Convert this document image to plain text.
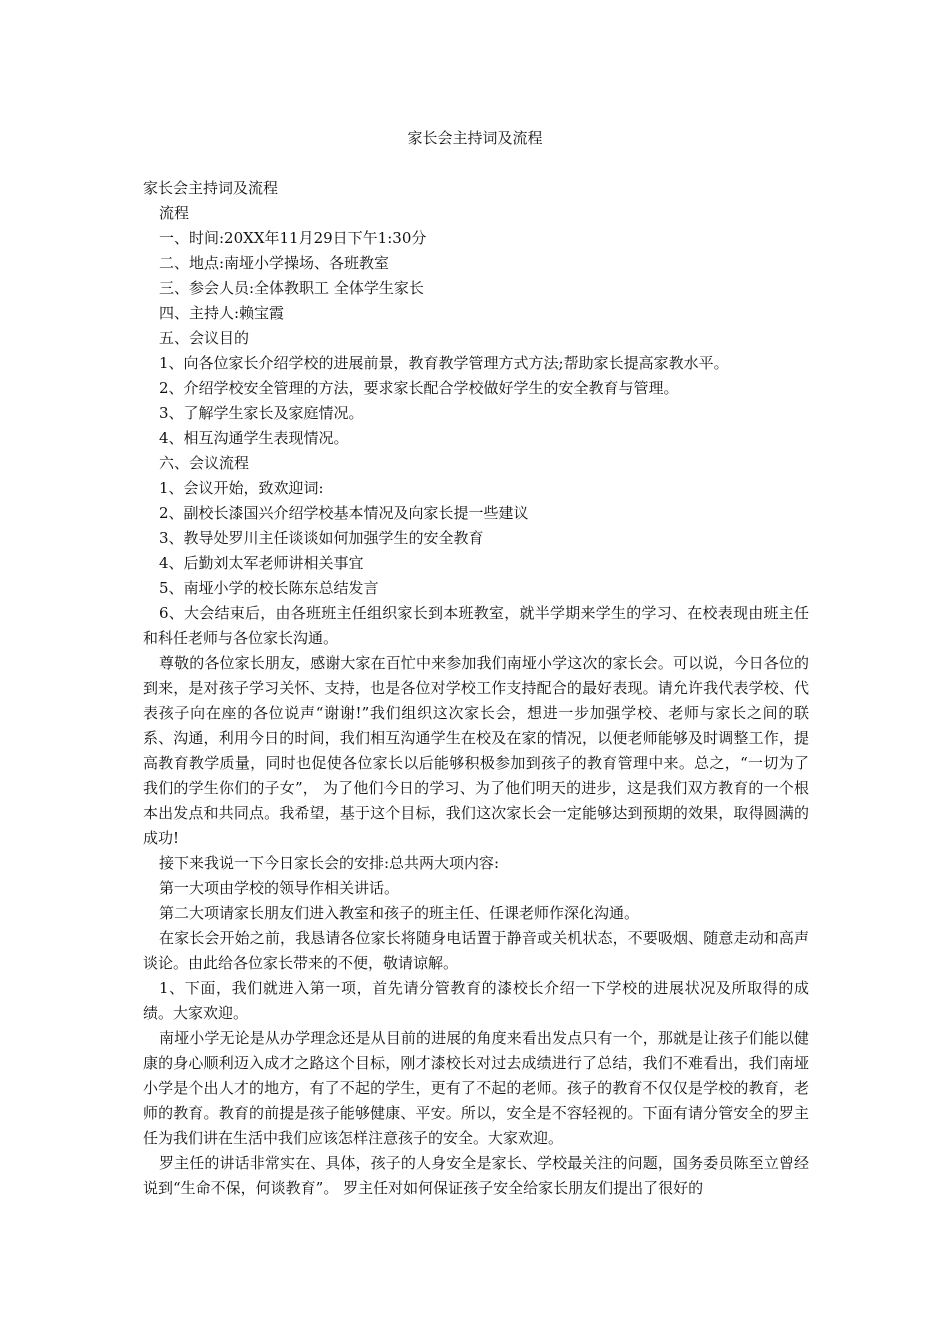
家长会主持词及流程

家长会主持词及流程

流程

一、时间:20XX年11月29日下午1:30分

二、地点:南垭小学操场、各班教室

三、参会人员:全体教职工 全体学生家长

四、主持人:赖宝霞

五、会议目的

1、向各位家长介绍学校的进展前景，教育教学管理方式方法;帮助家长提高家教水平。

2、介绍学校安全管理的方法，要求家长配合学校做好学生的安全教育与管理。

3、了解学生家长及家庭情况。

4、相互沟通学生表现情况。

六、会议流程

1、会议开始，致欢迎词:

2、副校长漆国兴介绍学校基本情况及向家长提一些建议

3、教导处罗川主任谈谈如何加强学生的安全教育

4、后勤刘太军老师讲相关事宜

5、南垭小学的校长陈东总结发言

6、大会结束后，由各班班主任组织家长到本班教室，就半学期来学生的学习、在校表现由班主任和科任老师与各位家长沟通。

尊敬的各位家长朋友，感谢大家在百忙中来参加我们南垭小学这次的家长会。可以说，今日各位的到来，是对孩子学习关怀、支持，也是各位对学校工作支持配合的最好表现。请允许我代表学校、代表孩子向在座的各位说声“谢谢!”我们组织这次家长会，想进一步加强学校、老师与家长之间的联系、沟通，利用今日的时间，我们相互沟通学生在校及在家的情况，以便老师能够及时调整工作，提高教育教学质量，同时也促使各位家长以后能够积极参加到孩子的教育管理中来。总之，“一切为了我们的学生你们的子女”， 为了他们今日的学习、为了他们明天的进步，这是我们双方教育的一个根本出发点和共同点。我希望，基于这个目标，我们这次家长会一定能够达到预期的效果，取得圆满的成功!

接下来我说一下今日家长会的安排:总共两大项内容:

第一大项由学校的领导作相关讲话。

第二大项请家长朋友们进入教室和孩子的班主任、任课老师作深化沟通。

在家长会开始之前，我恳请各位家长将随身电话置于静音或关机状态，不要吸烟、随意走动和高声谈论。由此给各位家长带来的不便，敬请谅解。

1、下面，我们就进入第一项，首先请分管教育的漆校长介绍一下学校的进展状况及所取得的成绩。大家欢迎。

南垭小学无论是从办学理念还是从目前的进展的角度来看出发点只有一个，那就是让孩子们能以健康的身心顺利迈入成才之路这个目标，刚才漆校长对过去成绩进行了总结，我们不难看出，我们南垭小学是个出人才的地方，有了不起的学生，更有了不起的老师。孩子的教育不仅仅是学校的教育，老师的教育。教育的前提是孩子能够健康、平安。所以，安全是不容轻视的。下面有请分管安全的罗主任为我们讲在生活中我们应该怎样注意孩子的安全。大家欢迎。

罗主任的讲话非常实在、具体，孩子的人身安全是家长、学校最关注的问题，国务委员陈至立曾经说到“生命不保，何谈教育”。 罗主任对如何保证孩子安全给家长朋友们提出了很好的
